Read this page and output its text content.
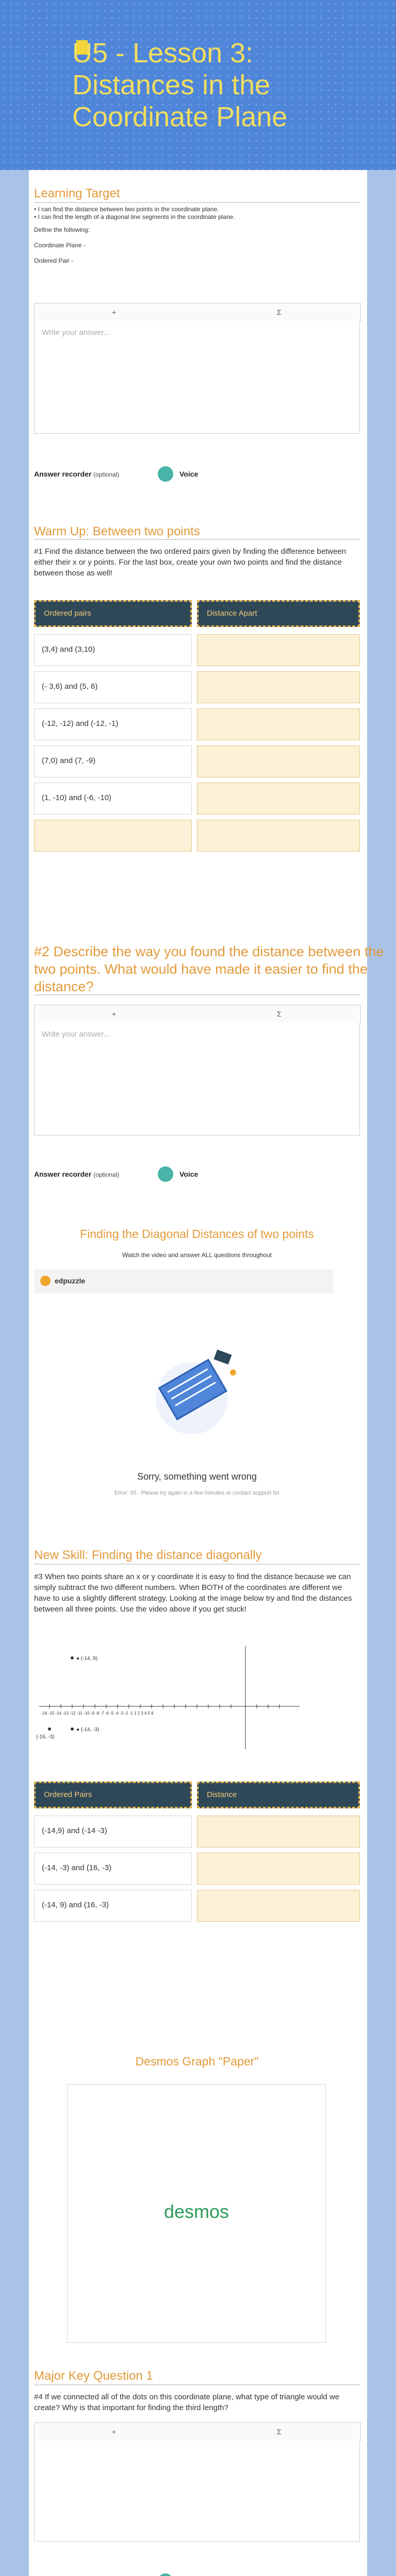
U5 - Lesson 3: Distances in the Coordinate Plane
Learning Target
• I can find the distance between two points in the coordinate plane.
• I can find the length of a diagonal line segments in the coordinate plane.
Define the following:
Coordinate Plane -
Ordered Pair -
+	Σ
Write your answer...
Answer recorder (optional)	Voice
Warm Up: Between two points
#1 Find the distance between the two ordered pairs given by finding the difference between either their x or y points. For the last box, create your own two points and find the distance between those as well!
Ordered pairs	Distance Apart
(3,4) and (3,10)
(- 3,6) and (5, 6)
(-12, -12) and (-12, -1)
(7,0) and (7, -9)
(1, -10) and (-6, -10)
#2 Describe the way you found the distance between the two points. What would have made it easier to find the distance?
+	Σ
Write your answer...
Answer recorder (optional)	Voice
Finding the Diagonal Distances of two points
Watch the video and answer ALL questions throughout
edpuzzle
Sorry, something went wrong
Error: 95 . Please try again in a few minutes or contact support for
New Skill: Finding the distance diagonally
#3 When two points share an x or y coordinate it is easy to find the distance because we can simply subtract the two different numbers. When BOTH of the coordinates are different we have to use a slightly different strategy. Looking at the image below try and find the distances between all three points. Use the video above if you get stuck!
● (-14, 9)
● (-14, -3)
(-16, -3)
-16 -15 -14 -13 -12 -11 -10 -9 -8 -7 -6 -5 -4 -3 -2 -1 1 2 3 4 5 6
Ordered Pairs	Distance
(-14,9) and (-14 -3)
(-14, -3) and (16, -3)
(-14, 9) and (16, -3)
Desmos Graph "Paper"
desmos
Major Key Question 1
#4 If we connected all of the dots on this coordinate plane, what type of triangle would we create? Why is that important for finding the third length?
+	Σ
